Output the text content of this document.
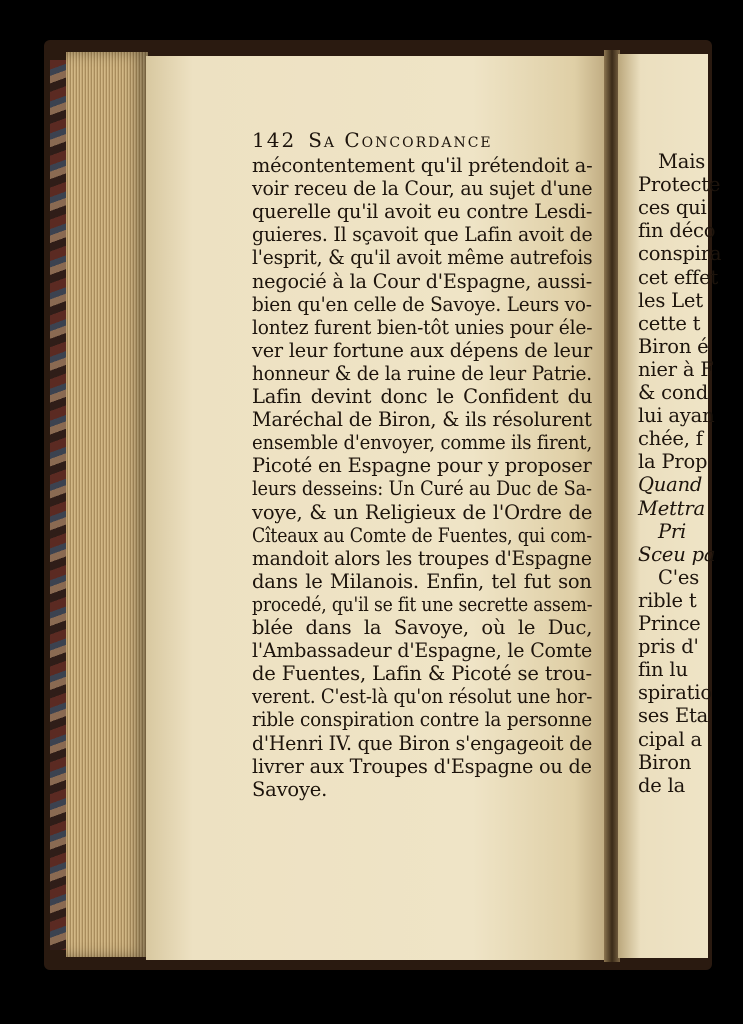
142 Sa Concordance
mécontentement qu'il prétendoit a-
voir receu de la Cour, au sujet d'une
querelle qu'il avoit eu contre Lesdi-
guieres. Il sçavoit que Lafin avoit de
l'esprit, & qu'il avoit même autrefois
negocié à la Cour d'Espagne, aussi-
bien qu'en celle de Savoye. Leurs vo-
lontez furent bien-tôt unies pour éle-
ver leur fortune aux dépens de leur
honneur & de la ruine de leur Patrie.
Lafin devint donc le Confident du
Maréchal de Biron, & ils résolurent
ensemble d'envoyer, comme ils firent,
Picoté en Espagne pour y proposer
leurs desseins: Un Curé au Duc de Sa-
voye, & un Religieux de l'Ordre de
Cîteaux au Comte de Fuentes, qui com-
mandoit alors les troupes d'Espagne
dans le Milanois. Enfin, tel fut son
procedé, qu'il se fit une secrette assem-
blée dans la Savoye, où le Duc,
l'Ambassadeur d'Espagne, le Comte
de Fuentes, Lafin & Picoté se trou-
verent. C'est-là qu'on résolut une hor-
rible conspiration contre la personne
d'Henri IV. que Biron s'engageoit de
livrer aux Troupes d'Espagne ou de
Savoye.
Mais
Protecte
ces qui
fin déco
conspira
cet effet
les Let
cette t
Biron é
nier à F
& cond
lui ayan
chée, f
la Prop
Quand
Mettra
Pri
Sceu pa
C'es
rible t
Prince
pris d'
fin lu
spiratio
ses Eta
cipal a
Biron
de la
